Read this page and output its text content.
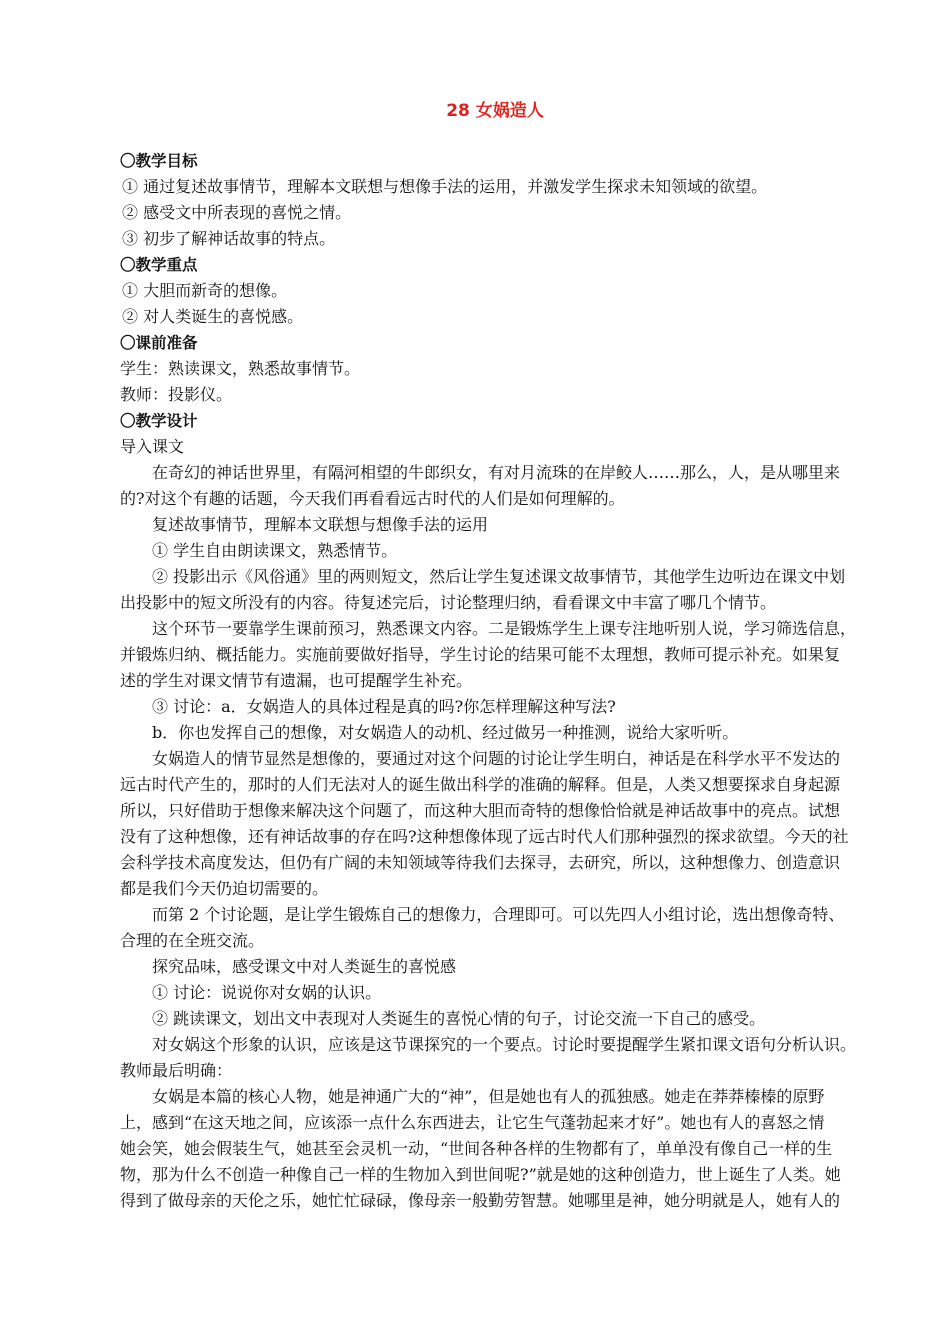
28 女娲造人
〇教学目标
① 通过复述故事情节，理解本文联想与想像手法的运用，并激发学生探求未知领域的欲望。
② 感受文中所表现的喜悦之情。
③ 初步了解神话故事的特点。
〇教学重点
① 大胆而新奇的想像。
② 对人类诞生的喜悦感。
〇课前准备
学生：熟读课文，熟悉故事情节。
教师：投影仪。
〇教学设计
导入课文
在奇幻的神话世界里，有隔河相望的牛郎织女，有对月流珠的在岸鲛人……那么，人，是从哪里来
的?对这个有趣的话题，今天我们再看看远古时代的人们是如何理解的。
复述故事情节，理解本文联想与想像手法的运用
① 学生自由朗读课文，熟悉情节。
② 投影出示《风俗通》里的两则短文，然后让学生复述课文故事情节，其他学生边听边在课文中划
出投影中的短文所没有的内容。待复述完后，讨论整理归纳，看看课文中丰富了哪几个情节。
这个环节一要靠学生课前预习，熟悉课文内容。二是锻炼学生上课专注地听别人说，学习筛选信息，
并锻炼归纳、概括能力。实施前要做好指导，学生讨论的结果可能不太理想，教师可提示补充。如果复
述的学生对课文情节有遗漏，也可提醒学生补充。
③ 讨论：a．女娲造人的具体过程是真的吗?你怎样理解这种写法?
b．你也发挥自己的想像，对女娲造人的动机、经过做另一种推测，说给大家听听。
女娲造人的情节显然是想像的，要通过对这个问题的讨论让学生明白，神话是在科学水平不发达的
远古时代产生的，那时的人们无法对人的诞生做出科学的准确的解释。但是，人类又想要探求自身起源
所以，只好借助于想像来解决这个问题了，而这种大胆而奇特的想像恰恰就是神话故事中的亮点。试想
没有了这种想像，还有神话故事的存在吗?这种想像体现了远古时代人们那种强烈的探求欲望。今天的社
会科学技术高度发达，但仍有广阔的未知领域等待我们去探寻，去研究，所以，这种想像力、创造意识
都是我们今天仍迫切需要的。
而第 2 个讨论题，是让学生锻炼自己的想像力，合理即可。可以先四人小组讨论，选出想像奇特、
合理的在全班交流。
探究品味，感受课文中对人类诞生的喜悦感
① 讨论：说说你对女娲的认识。
② 跳读课文，划出文中表现对人类诞生的喜悦心情的句子，讨论交流一下自己的感受。
对女娲这个形象的认识，应该是这节课探究的一个要点。讨论时要提醒学生紧扣课文语句分析认识。
教师最后明确：
女娲是本篇的核心人物，她是神通广大的“神”，但是她也有人的孤独感。她走在莽莽榛榛的原野
上，感到“在这天地之间，应该添一点什么东西进去，让它生气蓬勃起来才好”。她也有人的喜怒之情
她会笑，她会假装生气，她甚至会灵机一动，“世间各种各样的生物都有了，单单没有像自己一样的生
物，那为什么不创造一种像自己一样的生物加入到世间呢?”就是她的这种创造力，世上诞生了人类。她
得到了做母亲的天伦之乐，她忙忙碌碌，像母亲一般勤劳智慧。她哪里是神，她分明就是人，她有人的
